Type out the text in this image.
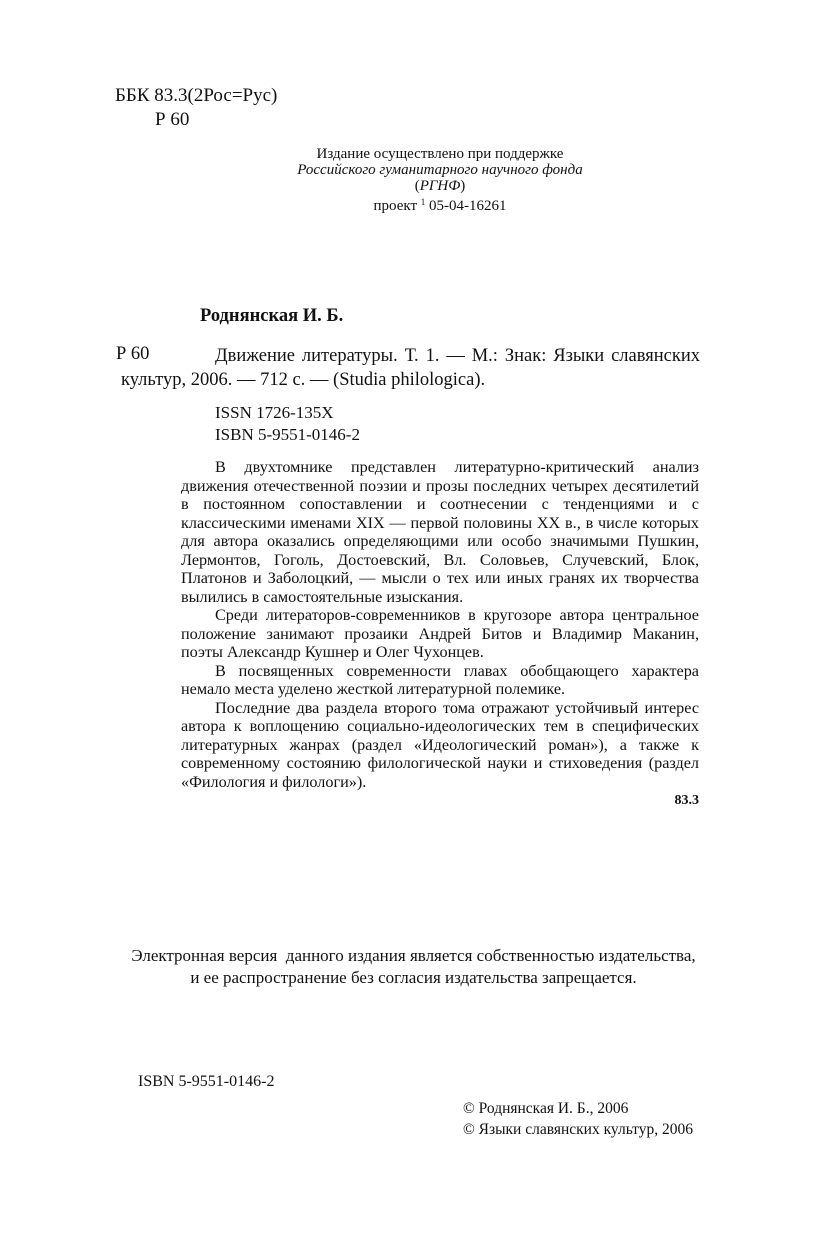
ББК 83.3(2Рос=Рус)
Р 60
Издание осуществлено при поддержке
Российского гуманитарного научного фонда
(РГНФ)
проект $^1$ 05-04-16261
Роднянская И. Б.
Р 60	Движение литературы. Т. 1. — М.: Знак: Языки славянских культур, 2006. — 712 с. — (Studia philologica).

ISSN 1726-135X
ISBN 5-9551-0146-2

В двухтомнике представлен литературно-критический анализ движения отечественной поэзии и прозы последних четырех десятилетий в постоянном сопоставлении и соотнесении с тенденциями и с классическими именами XIX — первой половины XX в., в числе которых для автора оказались определяющими или особо значимыми Пушкин, Лермонтов, Гоголь, Достоевский, Вл. Соловьев, Случевский, Блок, Платонов и Заболоцкий, — мысли о тех или иных гранях их творчества вылились в самостоятельные изыскания.

Среди литераторов-современников в кругозоре автора центральное положение занимают прозаики Андрей Битов и Владимир Маканин, поэты Александр Кушнер и Олег Чухонцев.

В посвященных современности главах обобщающего характера немало места уделено жесткой литературной полемике.

Последние два раздела второго тома отражают устойчивый интерес автора к воплощению социально-идеологических тем в специфических литературных жанрах (раздел «Идеологический роман»), а также к современному состоянию филологической науки и стиховедения (раздел «Филология и филологи»).

83.3
Электронная версия  данного издания является собственностью издательства,
и ее распространение без согласия издательства запрещается.
ISBN 5-9551-0146-2
© Роднянская И. Б., 2006
© Языки славянских культур, 2006
